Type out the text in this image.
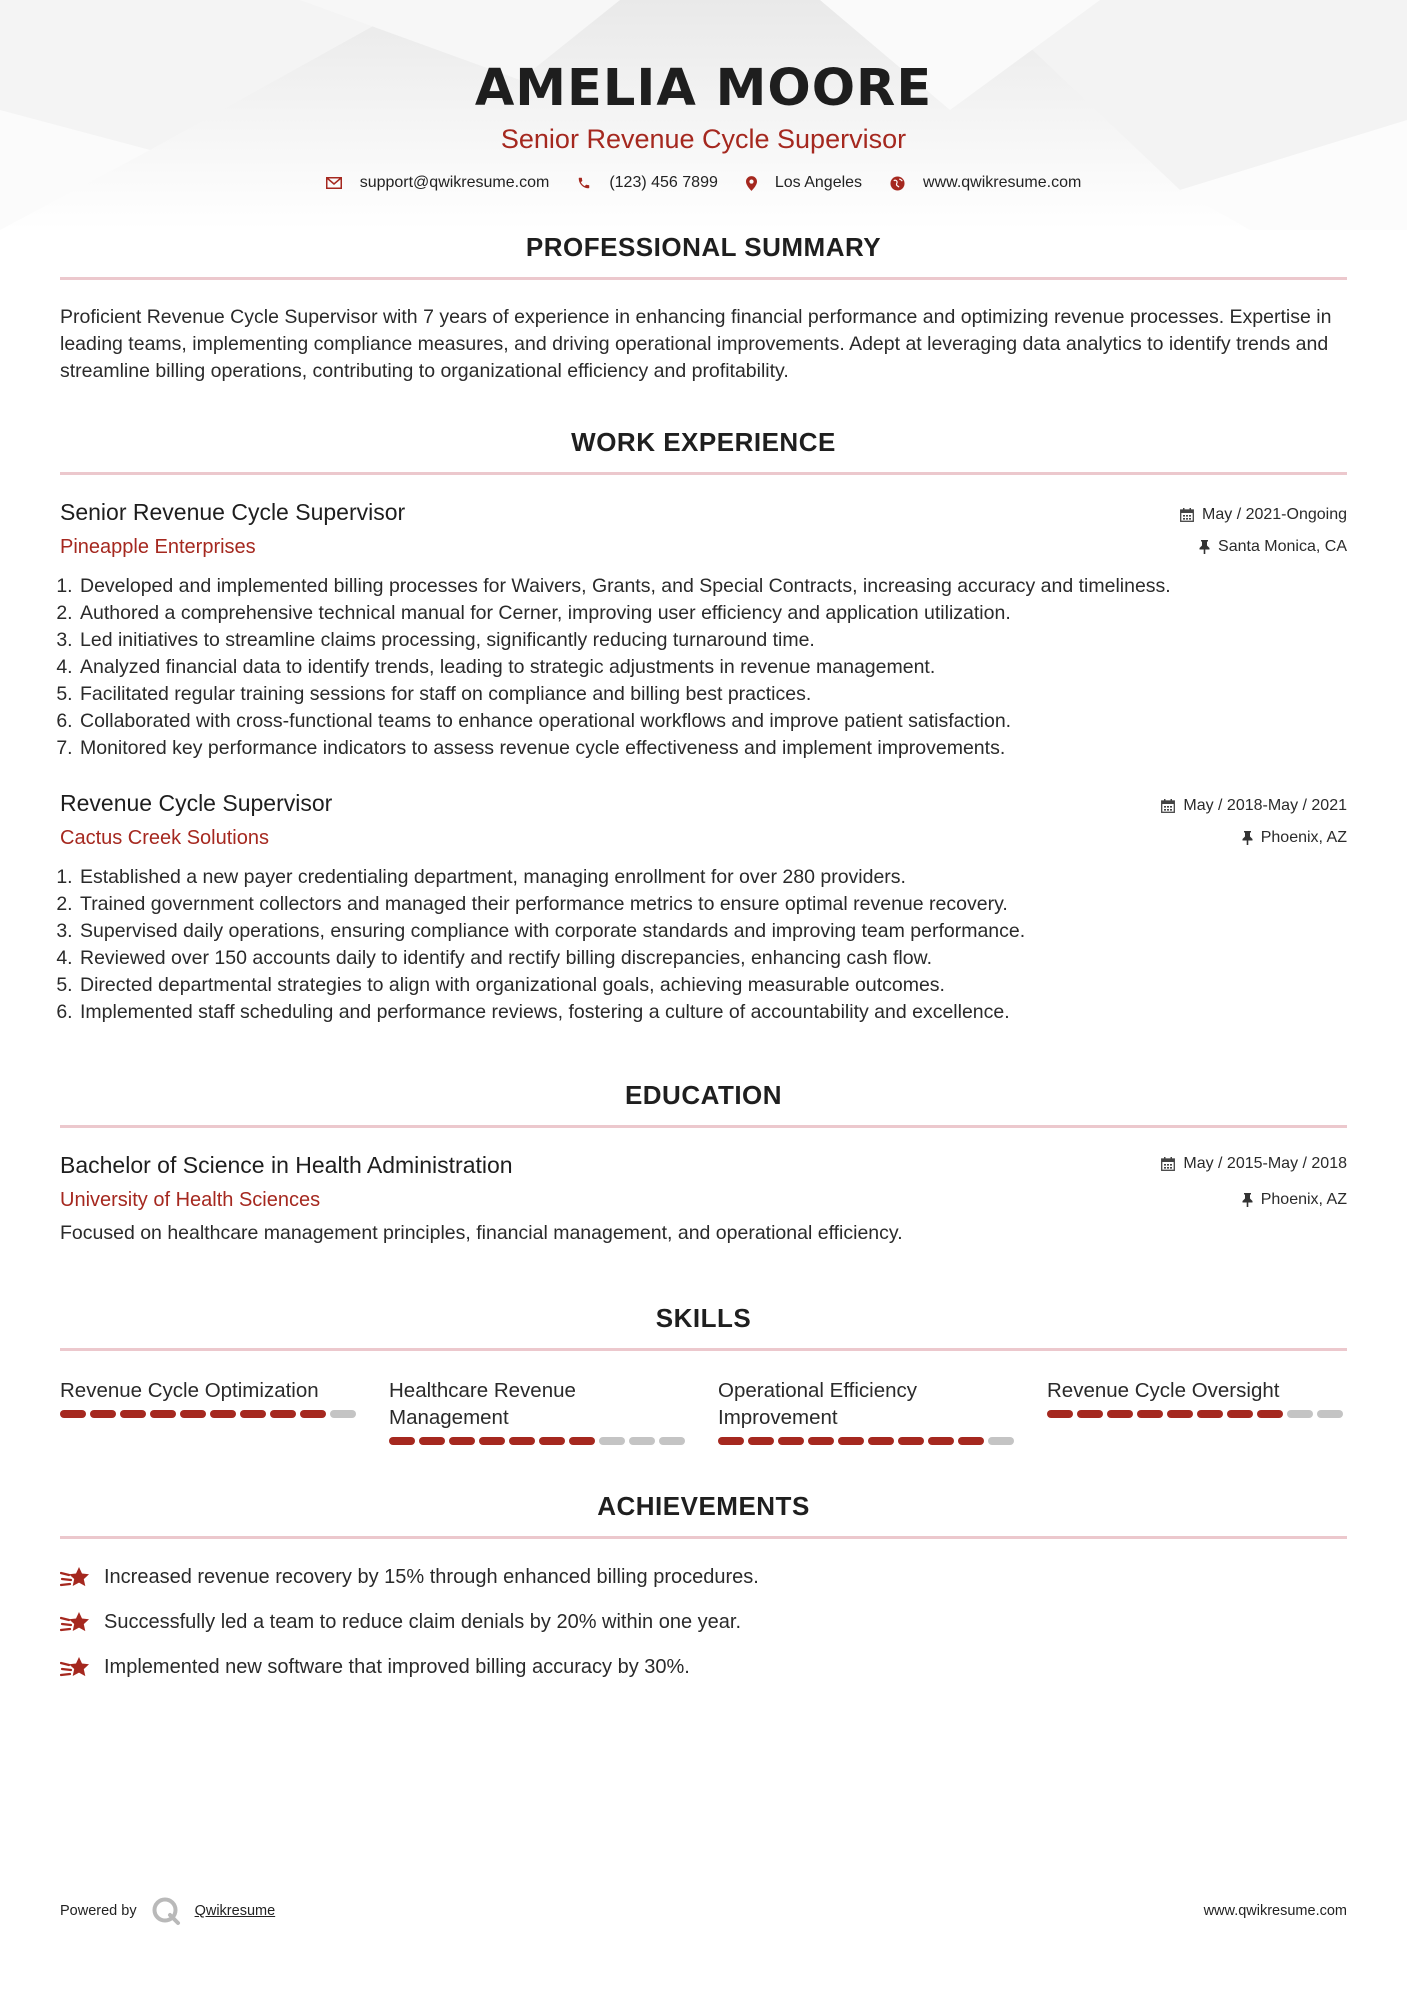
AMELIA MOORE
Senior Revenue Cycle Supervisor
support@qwikresume.com	(123) 456 7899	Los Angeles	www.qwikresume.com
PROFESSIONAL SUMMARY

Proficient Revenue Cycle Supervisor with 7 years of experience in enhancing financial performance and optimizing revenue processes. Expertise in leading teams, implementing compliance measures, and driving operational improvements. Adept at leveraging data analytics to identify trends and streamline billing operations, contributing to organizational efficiency and profitability.

WORK EXPERIENCE
Senior Revenue Cycle Supervisor
Pineapple Enterprises
May / 2021-Ongoing
Santa Monica, CA
1. Developed and implemented billing processes for Waivers, Grants, and Special Contracts, increasing accuracy and timeliness.
2. Authored a comprehensive technical manual for Cerner, improving user efficiency and application utilization.
3. Led initiatives to streamline claims processing, significantly reducing turnaround time.
4. Analyzed financial data to identify trends, leading to strategic adjustments in revenue management.
5. Facilitated regular training sessions for staff on compliance and billing best practices.
6. Collaborated with cross-functional teams to enhance operational workflows and improve patient satisfaction.
7. Monitored key performance indicators to assess revenue cycle effectiveness and implement improvements.
Revenue Cycle Supervisor
Cactus Creek Solutions
May / 2018-May / 2021
Phoenix, AZ
1. Established a new payer credentialing department, managing enrollment for over 280 providers.
2. Trained government collectors and managed their performance metrics to ensure optimal revenue recovery.
3. Supervised daily operations, ensuring compliance with corporate standards and improving team performance.
4. Reviewed over 150 accounts daily to identify and rectify billing discrepancies, enhancing cash flow.
5. Directed departmental strategies to align with organizational goals, achieving measurable outcomes.
6. Implemented staff scheduling and performance reviews, fostering a culture of accountability and excellence.
EDUCATION
Bachelor of Science in Health Administration
University of Health Sciences
May / 2015-May / 2018
Phoenix, AZ

Focused on healthcare management principles, financial management, and operational efficiency.

SKILLS
Revenue Cycle Optimization	Healthcare Revenue Management
Operational Efficiency Improvement
Revenue Cycle Oversight
ACHIEVEMENTS
Increased revenue recovery by 15% through enhanced billing procedures.
Successfully led a team to reduce claim denials by 20% within one year.
Implemented new software that improved billing accuracy by 30%.
Powered by	Qwikresume	www.qwikresume.com
